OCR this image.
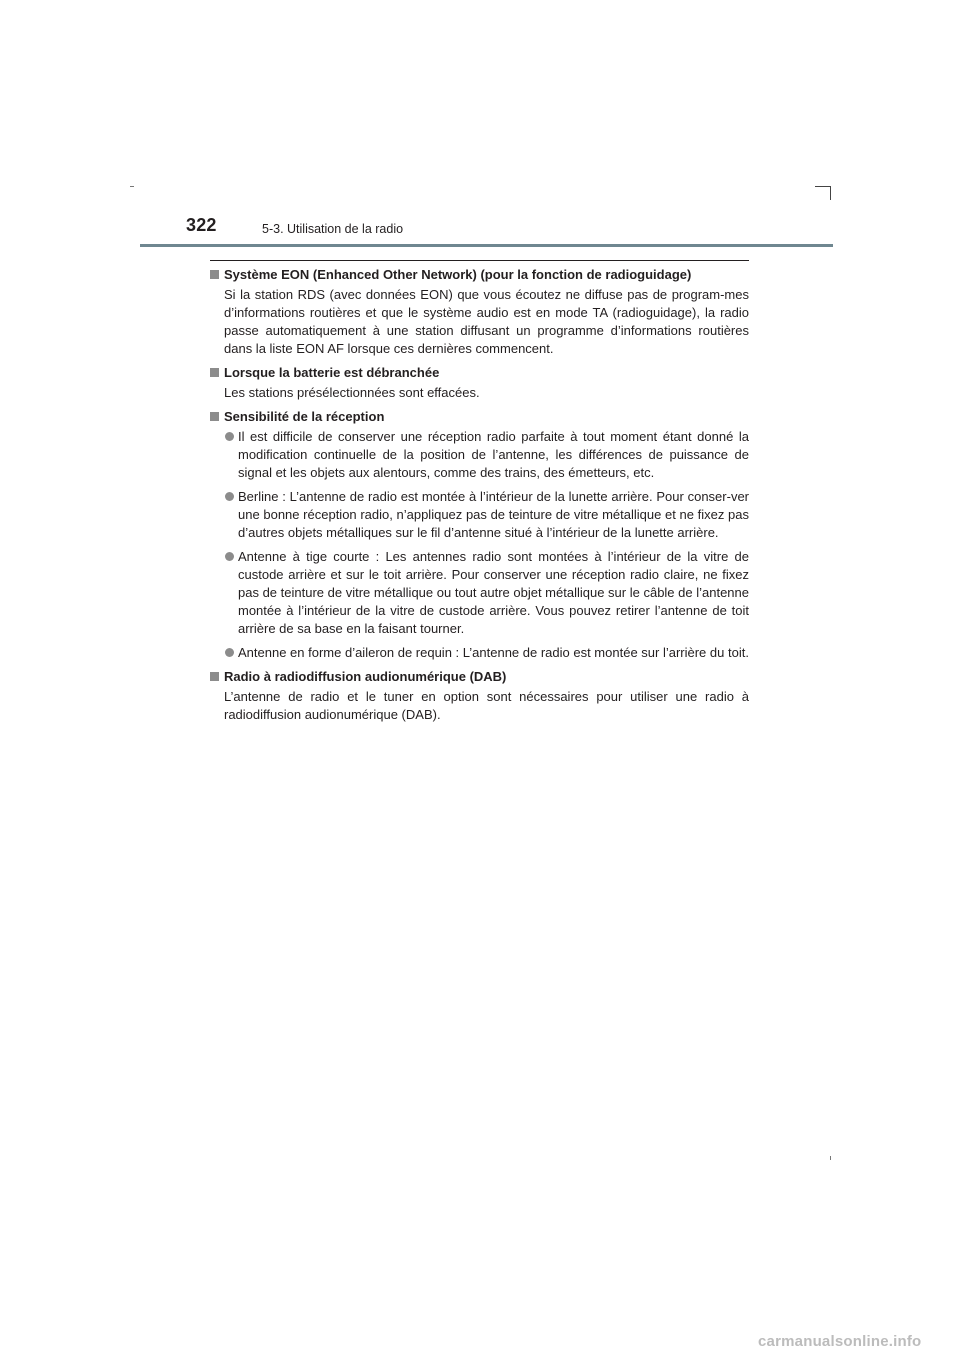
322	5-3. Utilisation de la radio
Système EON (Enhanced Other Network) (pour la fonction de radioguidage)
Si la station RDS (avec données EON) que vous écoutez ne diffuse pas de program-mes d’informations routières et que le système audio est en mode TA (radioguidage), la radio passe automatiquement à une station diffusant un programme d’informations routières dans la liste EON AF lorsque ces dernières commencent.
Lorsque la batterie est débranchée
Les stations présélectionnées sont effacées.
Sensibilité de la réception
Il est difficile de conserver une réception radio parfaite à tout moment étant donné la modification continuelle de la position de l’antenne, les différences de puissance de signal et les objets aux alentours, comme des trains, des émetteurs, etc.
Berline : L’antenne de radio est montée à l’intérieur de la lunette arrière. Pour conser-ver une bonne réception radio, n’appliquez pas de teinture de vitre métallique et ne fixez pas d’autres objets métalliques sur le fil d’antenne situé à l’intérieur de la lunette arrière.
Antenne à tige courte : Les antennes radio sont montées à l’intérieur de la vitre de custode arrière et sur le toit arrière. Pour conserver une réception radio claire, ne fixez pas de teinture de vitre métallique ou tout autre objet métallique sur le câble de l’antenne montée à l’intérieur de la vitre de custode arrière. Vous pouvez retirer l’antenne de toit arrière de sa base en la faisant tourner.
Antenne en forme d’aileron de requin : L’antenne de radio est montée sur l’arrière du toit.
Radio à radiodiffusion audionumérique (DAB)
L’antenne de radio et le tuner en option sont nécessaires pour utiliser une radio à radiodiffusion audionumérique (DAB).
carmanualsonline.info
